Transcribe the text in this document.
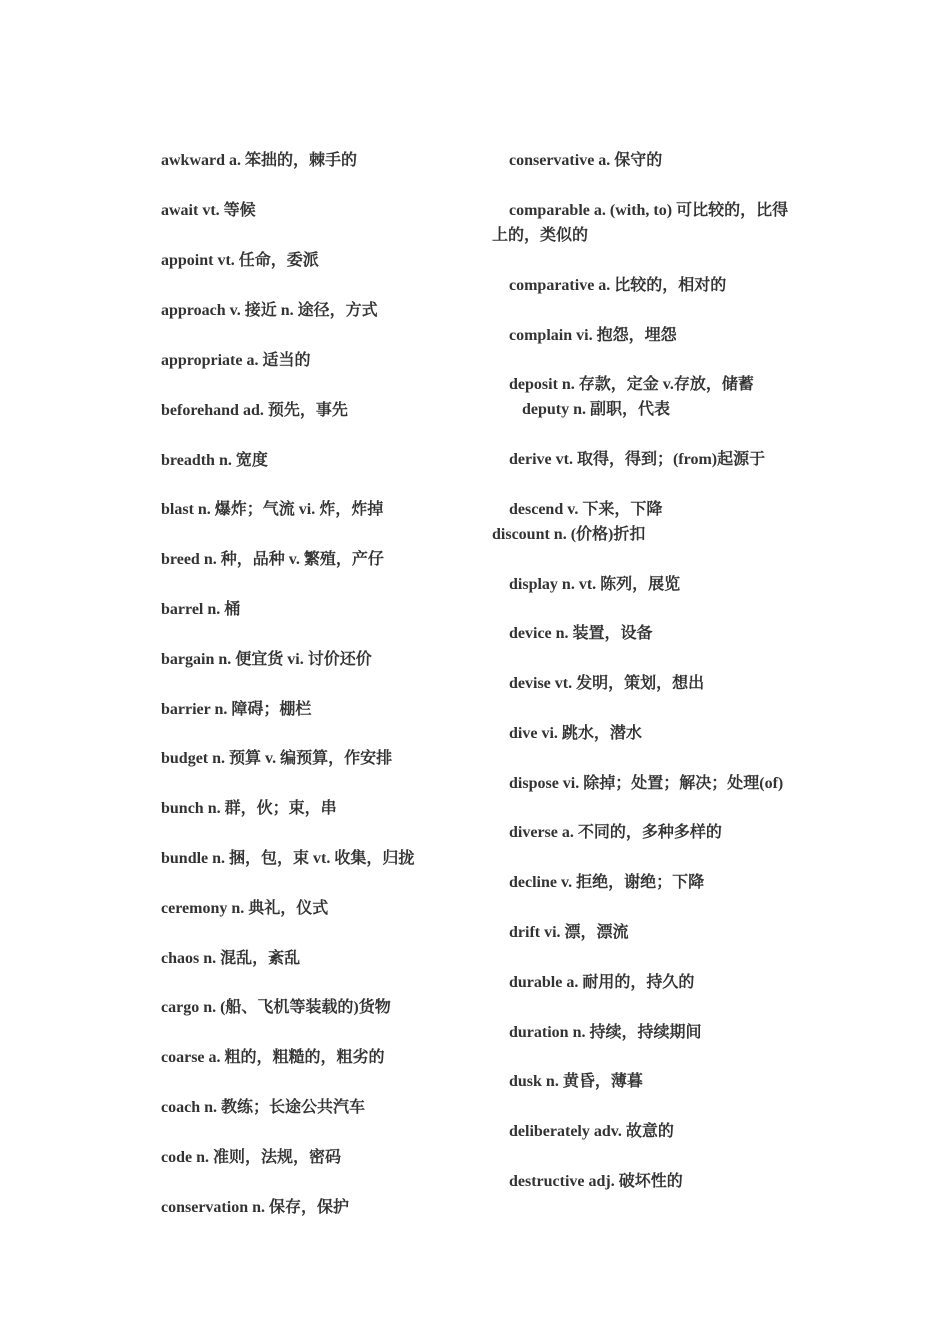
awkward a. 笨拙的，棘手的
await vt. 等候
appoint vt. 任命，委派
approach v. 接近 n. 途径，方式
appropriate a. 适当的
beforehand ad. 预先，事先
breadth n. 宽度
blast n. 爆炸；气流 vi. 炸，炸掉
breed n. 种，品种 v. 繁殖，产仔
barrel n. 桶
bargain n. 便宜货 vi. 讨价还价
barrier n. 障碍；棚栏
budget n. 预算 v. 编预算，作安排
bunch n. 群，伙；束，串
bundle n. 捆，包，束 vt. 收集，归拢
ceremony n. 典礼，仪式
chaos n. 混乱，紊乱
cargo n. (船、飞机等装载的)货物
coarse a. 粗的，粗糙的，粗劣的
coach n. 教练；长途公共汽车
code n. 准则，法规，密码
conservation n. 保存，保护
conservative a. 保守的
comparable a. (with, to) 可比较的，比得
上的，类似的
comparative a. 比较的，相对的
complain vi. 抱怨，埋怨
deposit n. 存款，定金 v.存放，储蓄
deputy n. 副职，代表
derive vt. 取得，得到；(from)起源于
descend v. 下来，下降
discount n. (价格)折扣
display n. vt. 陈列，展览
device n. 装置，设备
devise vt. 发明，策划，想出
dive vi. 跳水，潜水
dispose vi. 除掉；处置；解决；处理(of)
diverse a. 不同的，多种多样的
decline v. 拒绝，谢绝；下降
drift vi. 漂，漂流
durable a. 耐用的，持久的
duration n. 持续，持续期间
dusk n. 黄昏，薄暮
deliberately adv. 故意的
destructive adj. 破坏性的
